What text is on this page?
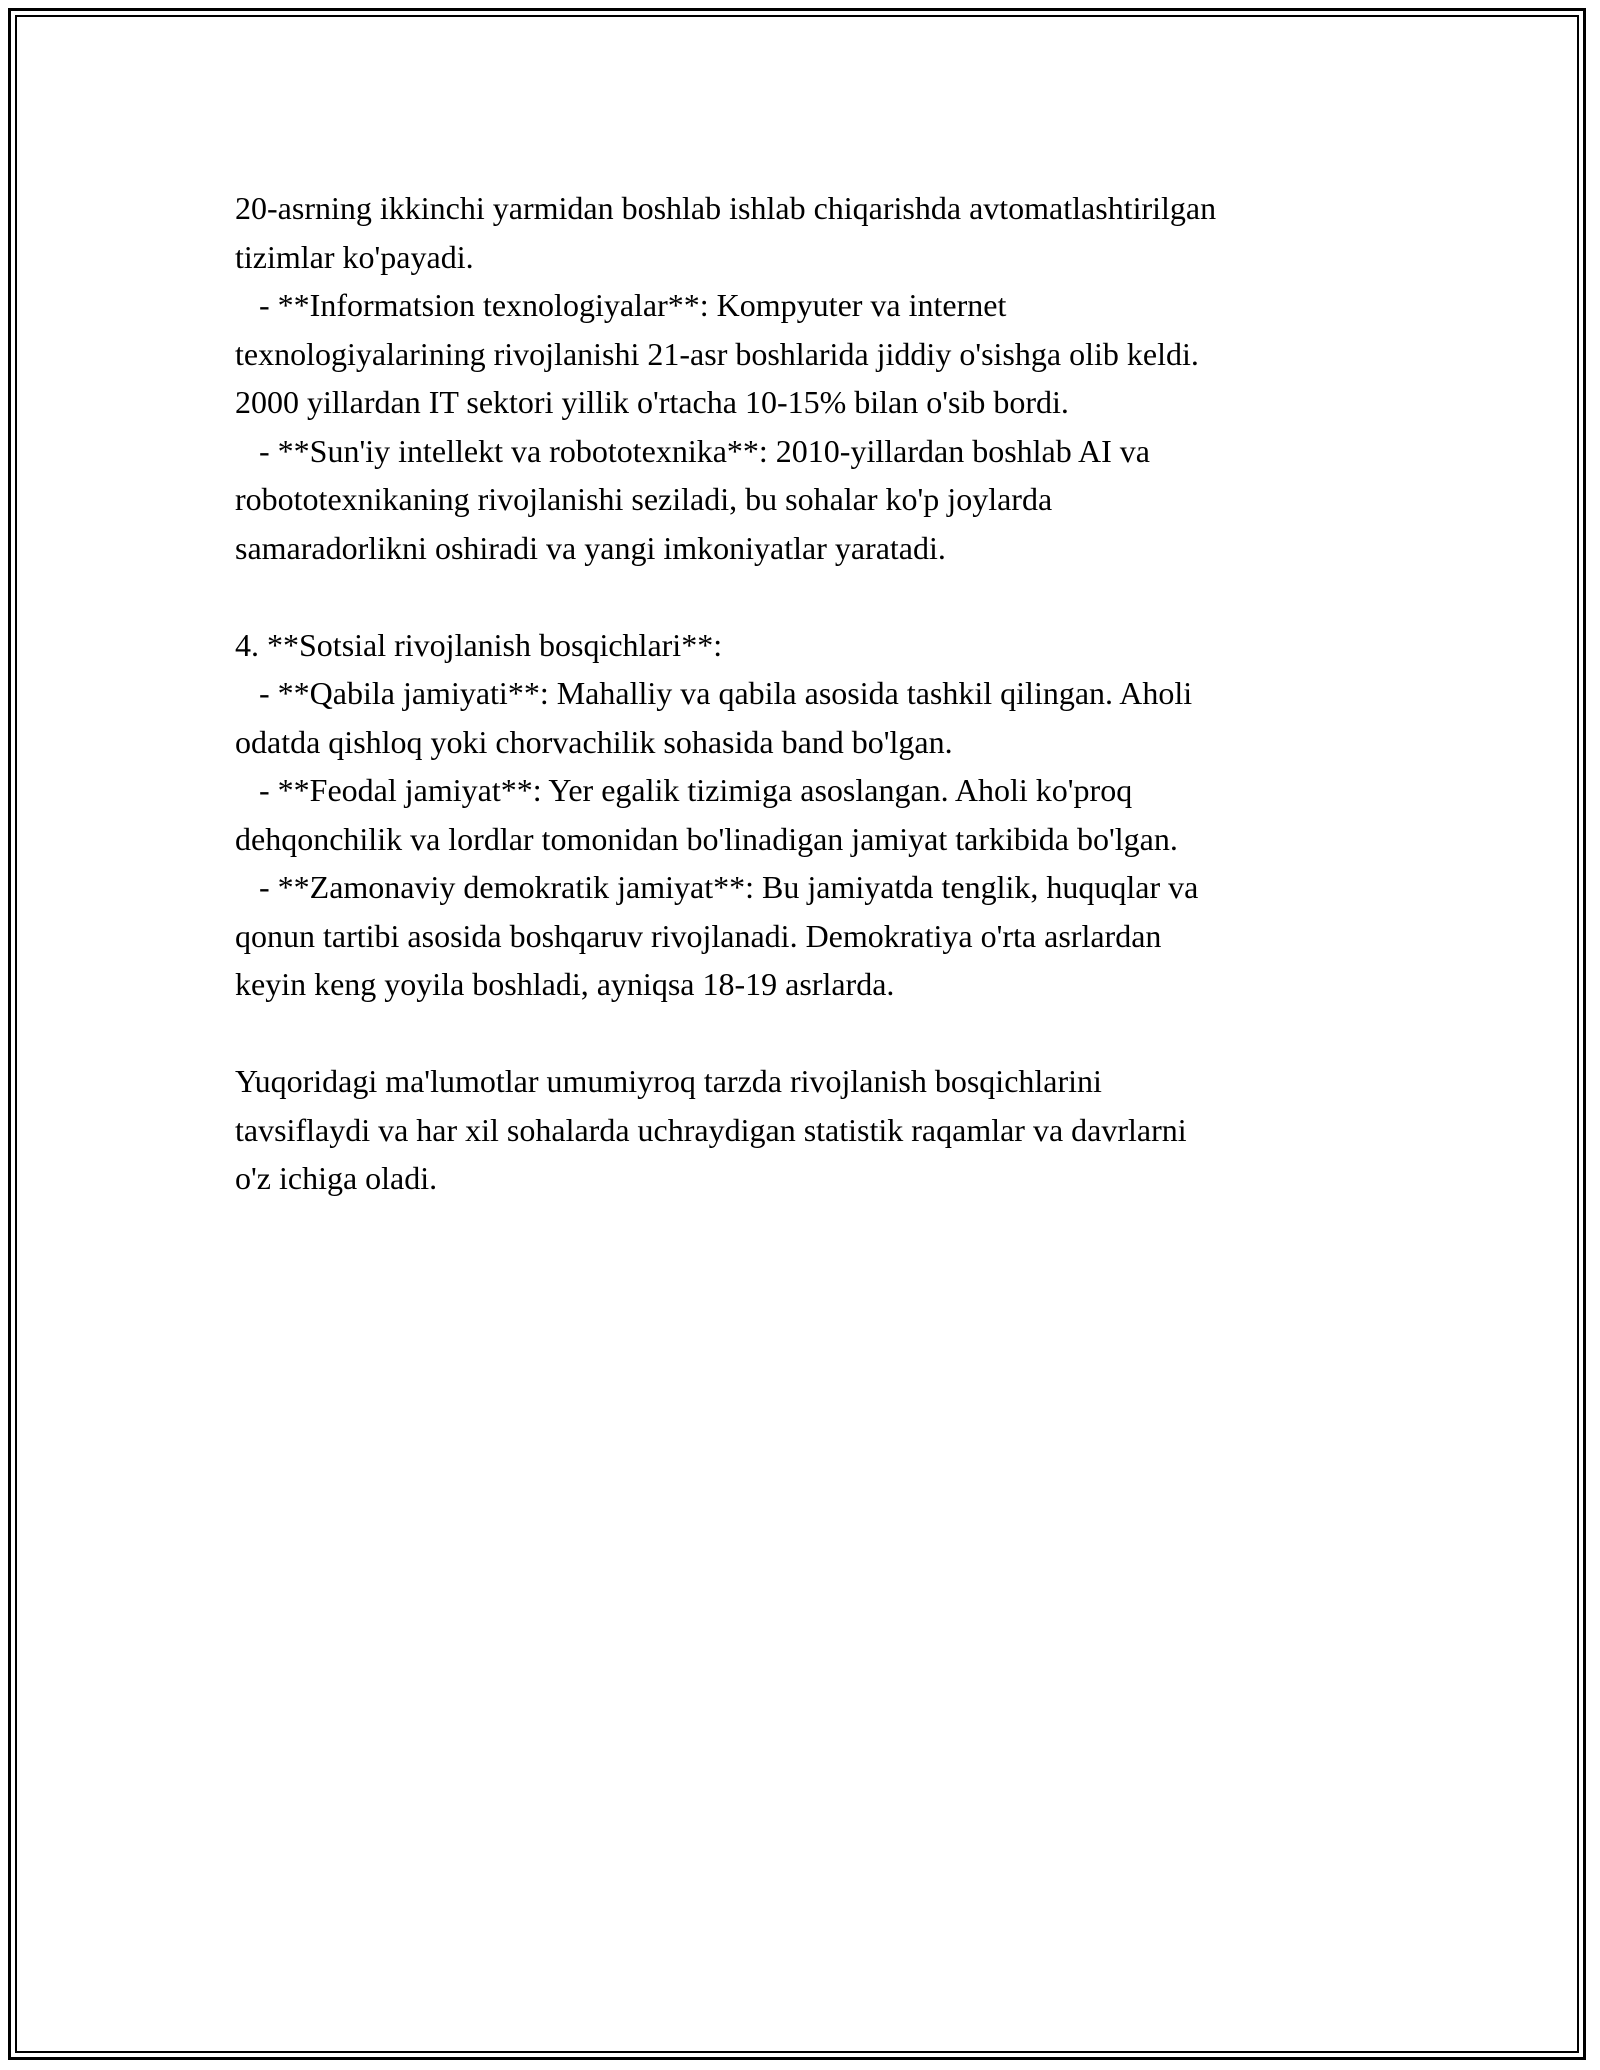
20-asrning ikkinchi yarmidan boshlab ishlab chiqarishda avtomatlashtirilgan
tizimlar ko'payadi.
- **Informatsion texnologiyalar**: Kompyuter va internet
texnologiyalarining rivojlanishi 21-asr boshlarida jiddiy o'sishga olib keldi.
2000 yillardan IT sektori yillik o'rtacha 10-15% bilan o'sib bordi.
- **Sun'iy intellekt va robototexnika**: 2010-yillardan boshlab AI va
robototexnikaning rivojlanishi seziladi, bu sohalar ko'p joylarda
samaradorlikni oshiradi va yangi imkoniyatlar yaratadi.
4. **Sotsial rivojlanish bosqichlari**:
- **Qabila jamiyati**: Mahalliy va qabila asosida tashkil qilingan. Aholi
odatda qishloq yoki chorvachilik sohasida band bo'lgan.
- **Feodal jamiyat**: Yer egalik tizimiga asoslangan. Aholi ko'proq
dehqonchilik va lordlar tomonidan bo'linadigan jamiyat tarkibida bo'lgan.
- **Zamonaviy demokratik jamiyat**: Bu jamiyatda tenglik, huquqlar va
qonun tartibi asosida boshqaruv rivojlanadi. Demokratiya o'rta asrlardan
keyin keng yoyila boshladi, ayniqsa 18-19 asrlarda.
Yuqoridagi ma'lumotlar umumiyroq tarzda rivojlanish bosqichlarini
tavsiflaydi va har xil sohalarda uchraydigan statistik raqamlar va davrlarni
o'z ichiga oladi.
